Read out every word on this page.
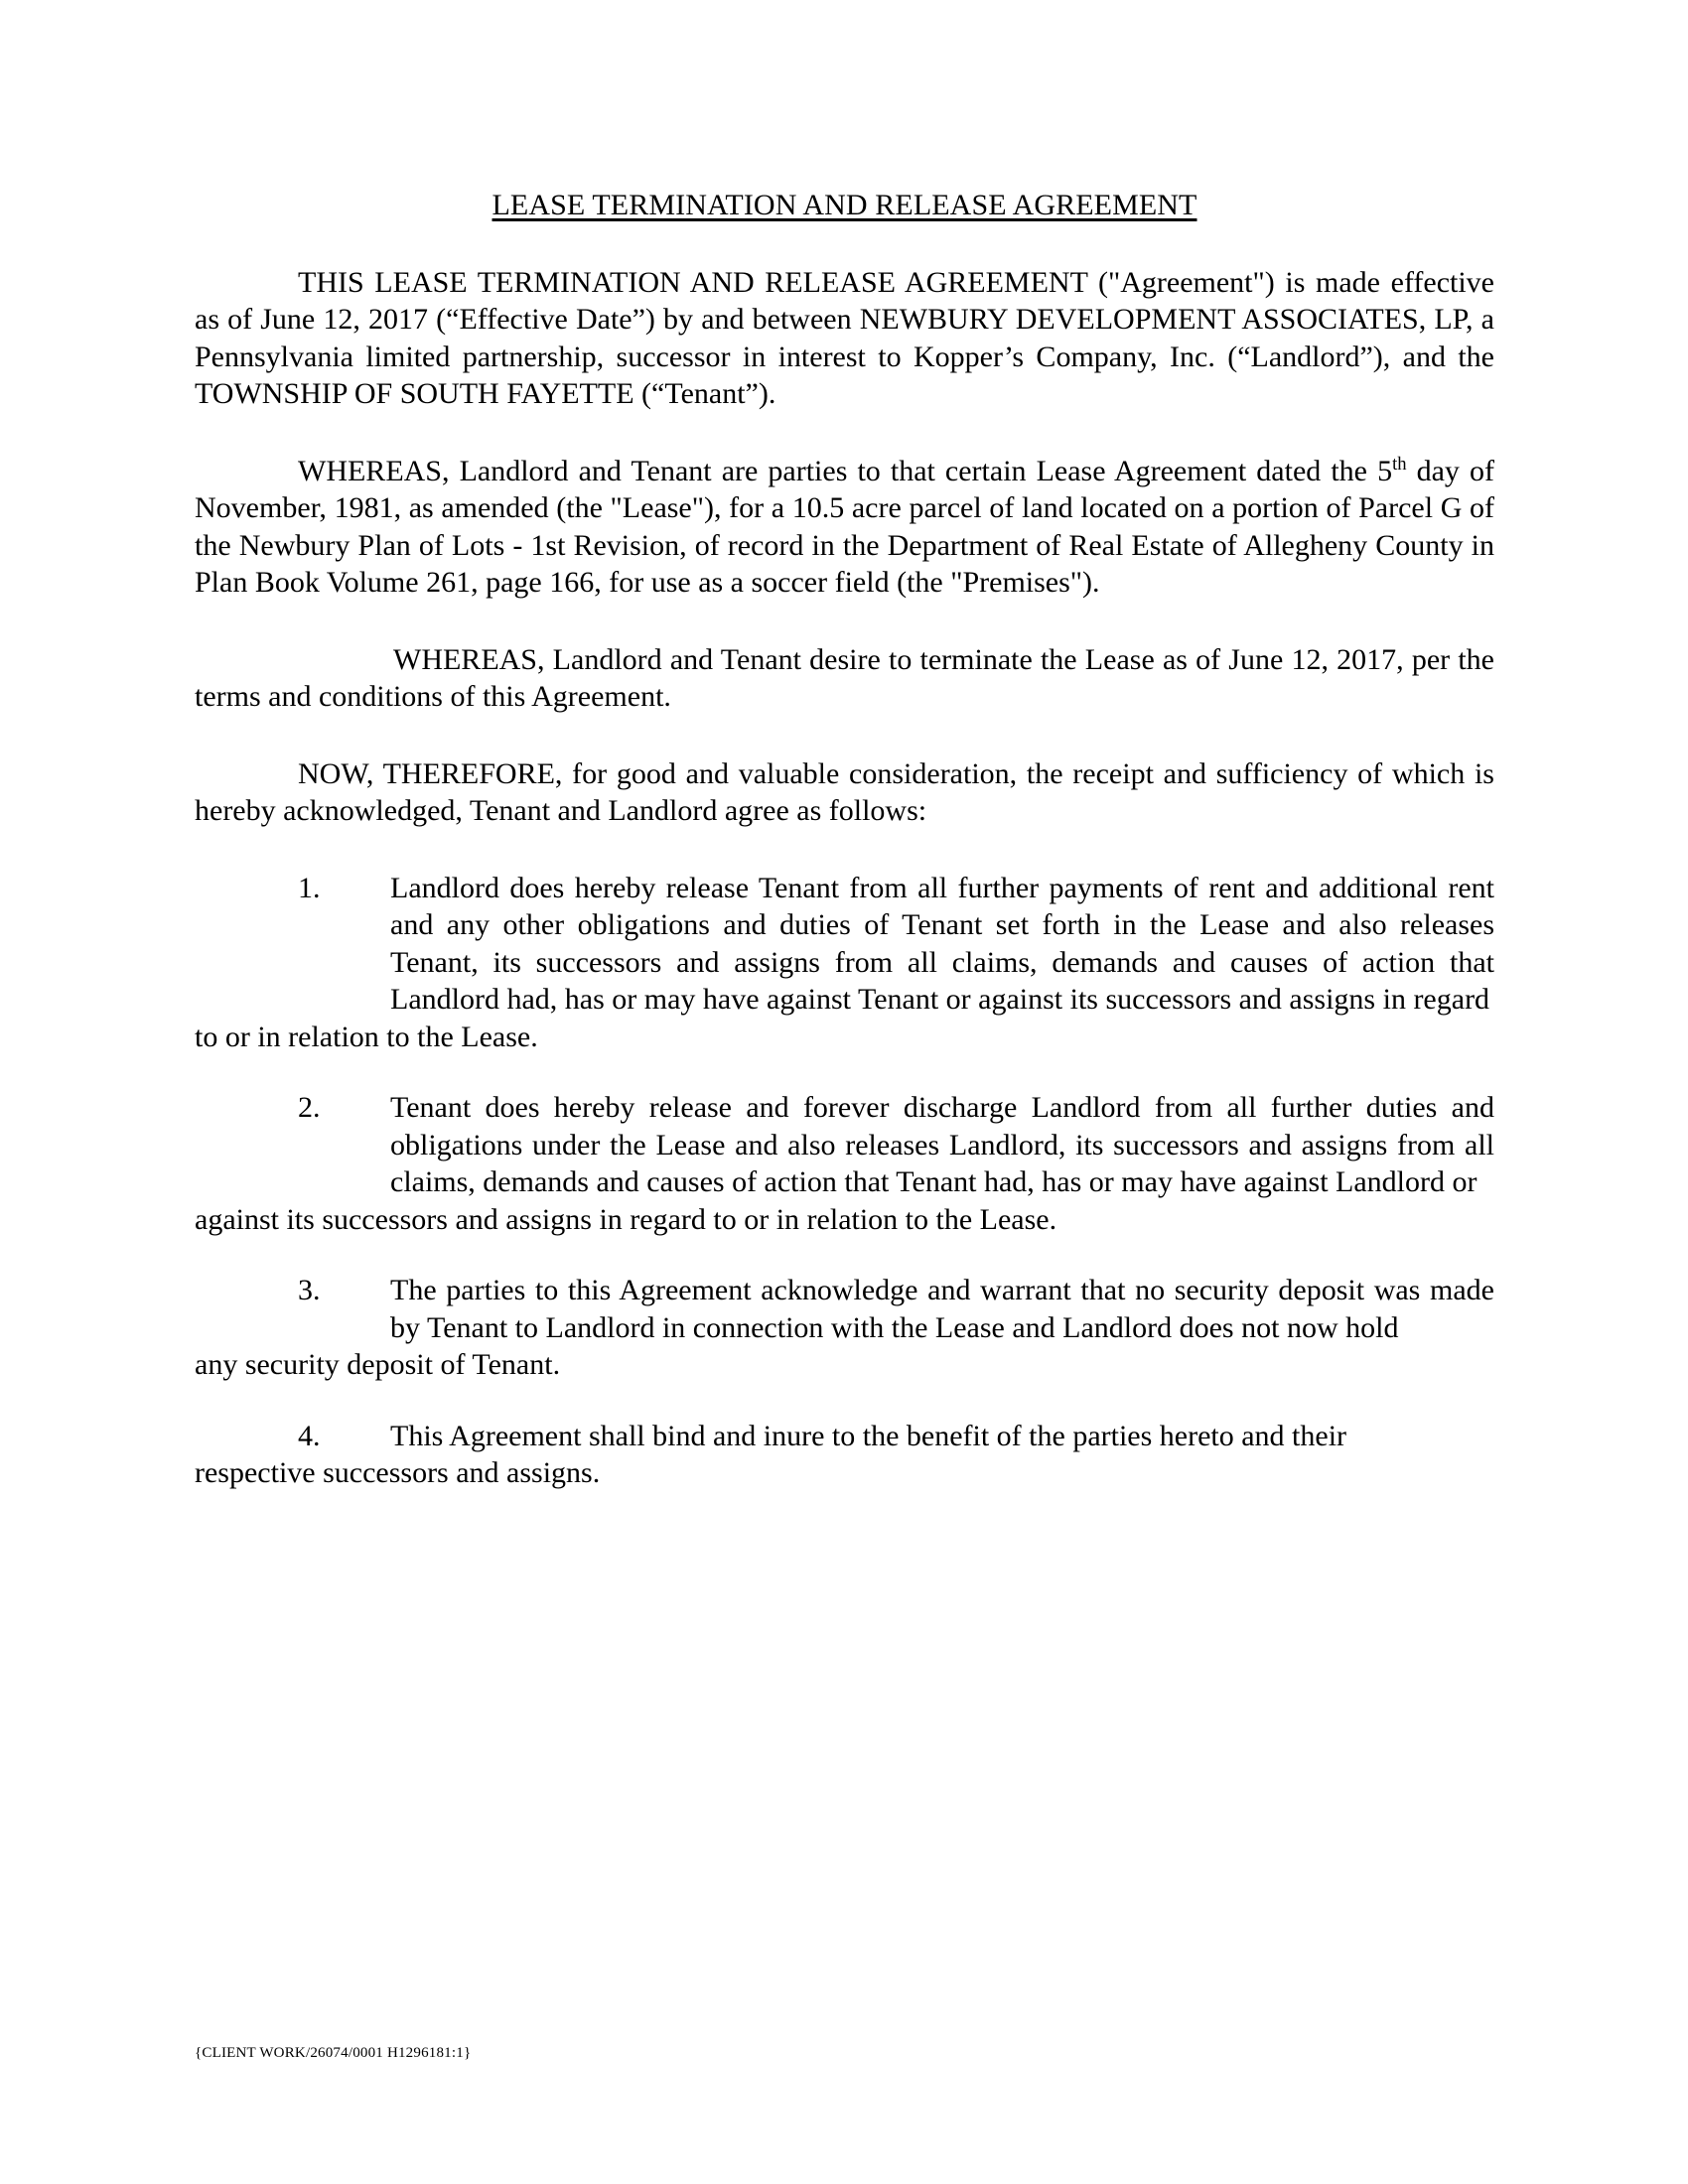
LEASE TERMINATION AND RELEASE AGREEMENT

THIS LEASE TERMINATION AND RELEASE AGREEMENT ("Agreement") is made effective as of June 12, 2017 (“Effective Date”) by and between NEWBURY DEVELOPMENT ASSOCIATES, LP, a Pennsylvania limited partnership, successor in interest to Kopper’s Company, Inc. (“Landlord”), and the TOWNSHIP OF SOUTH FAYETTE (“Tenant”).

WHEREAS, Landlord and Tenant are parties to that certain Lease Agreement dated the 5th day of November, 1981, as amended (the "Lease"), for a 10.5 acre parcel of land located on a portion of Parcel G of the Newbury Plan of Lots - 1st Revision, of record in the Department of Real Estate of Allegheny County in Plan Book Volume 261, page 166, for use as a soccer field (the "Premises").

WHEREAS, Landlord and Tenant desire to terminate the Lease as of June 12, 2017, per the terms and conditions of this Agreement.

NOW, THEREFORE, for good and valuable consideration, the receipt and sufficiency of which is hereby acknowledged, Tenant and Landlord agree as follows:

1.	Landlord does hereby release Tenant from all further payments of rent and additional rent and any other obligations and duties of Tenant set forth in the Lease and also releases Tenant, its successors and assigns from all claims, demands and causes of action that Landlord had, has or may have against Tenant or against its successors and assigns in regard
to or in relation to the Lease.
2.	Tenant does hereby release and forever discharge Landlord from all further duties and obligations under the Lease and also releases Landlord, its successors and assigns from all claims, demands and causes of action that Tenant had, has or may have against Landlord or
against its successors and assigns in regard to or in relation to the Lease.
3.	The parties to this Agreement acknowledge and warrant that no security deposit was made by Tenant to Landlord in connection with the Lease and Landlord does not now hold
any security deposit of Tenant.
4.	This Agreement shall bind and inure to the benefit of the parties hereto and their
respective successors and assigns.
{CLIENT WORK/26074/0001 H1296181:1}
